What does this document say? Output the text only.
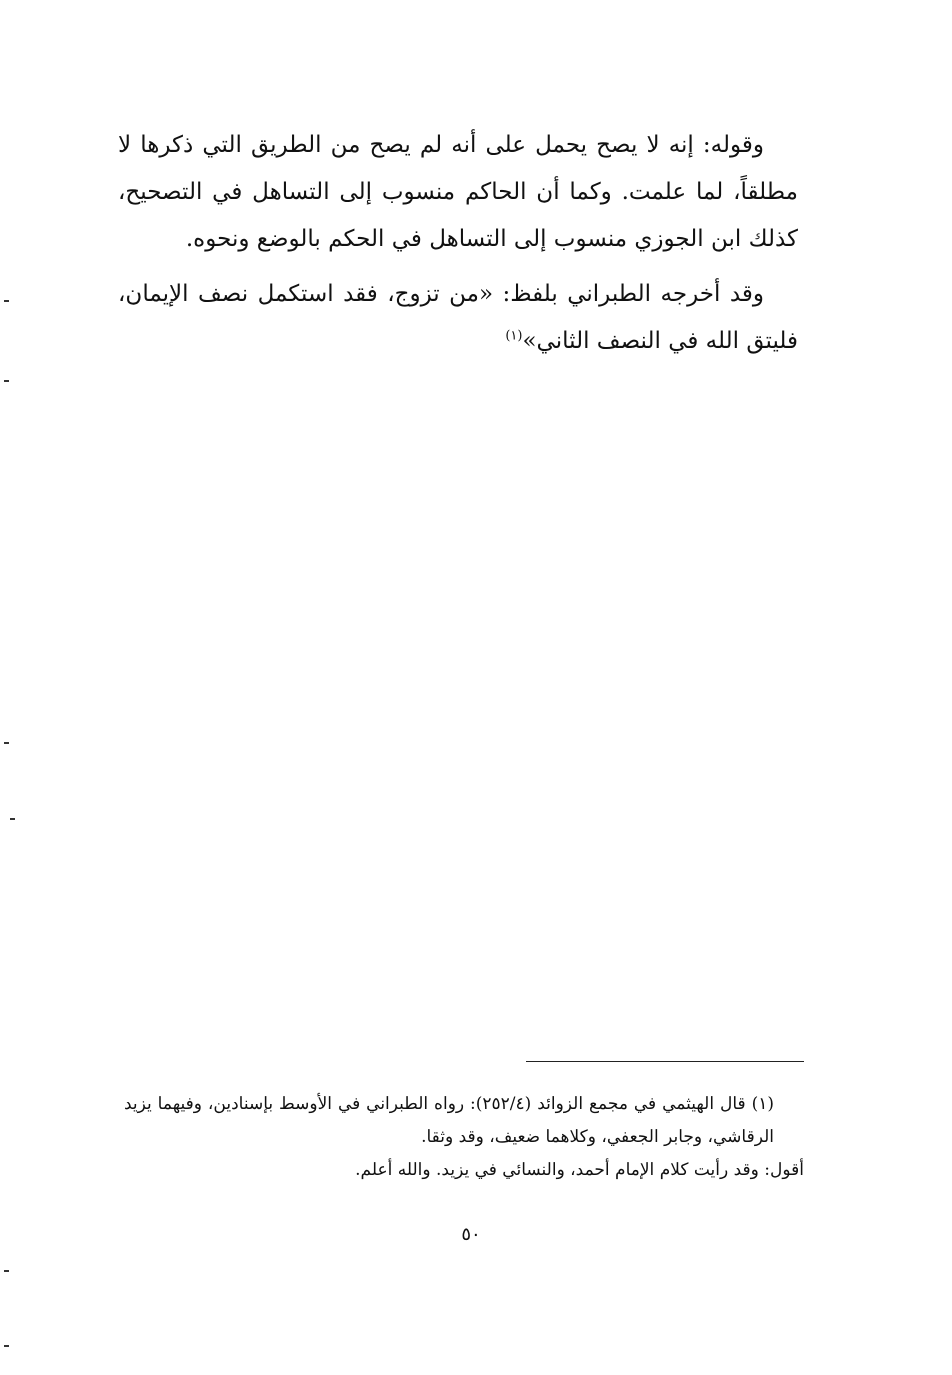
وقوله: إنه لا يصح يحمل على أنه لم يصح من الطريق التي ذكرها لا مطلقاً، لما علمت. وكما أن الحاكم منسوب إلى التساهل في التصحيح، كذلك ابن الجوزي منسوب إلى التساهل في الحكم بالوضع ونحوه.

وقد أخرجه الطبراني بلفظ: «من تزوج، فقد استكمل نصف الإيمان، فليتق الله في النصف الثاني»$^{(١)}$

(١) قال الهيثمي في مجمع الزوائد (٢٥٢/٤): رواه الطبراني في الأوسط بإسنادين، وفيهما يزيد الرقاشي، وجابر الجعفي، وكلاهما ضعيف، وقد وثقا.

أقول: وقد رأيت كلام الإمام أحمد، والنسائي في يزيد. والله أعلم.

٥٠
